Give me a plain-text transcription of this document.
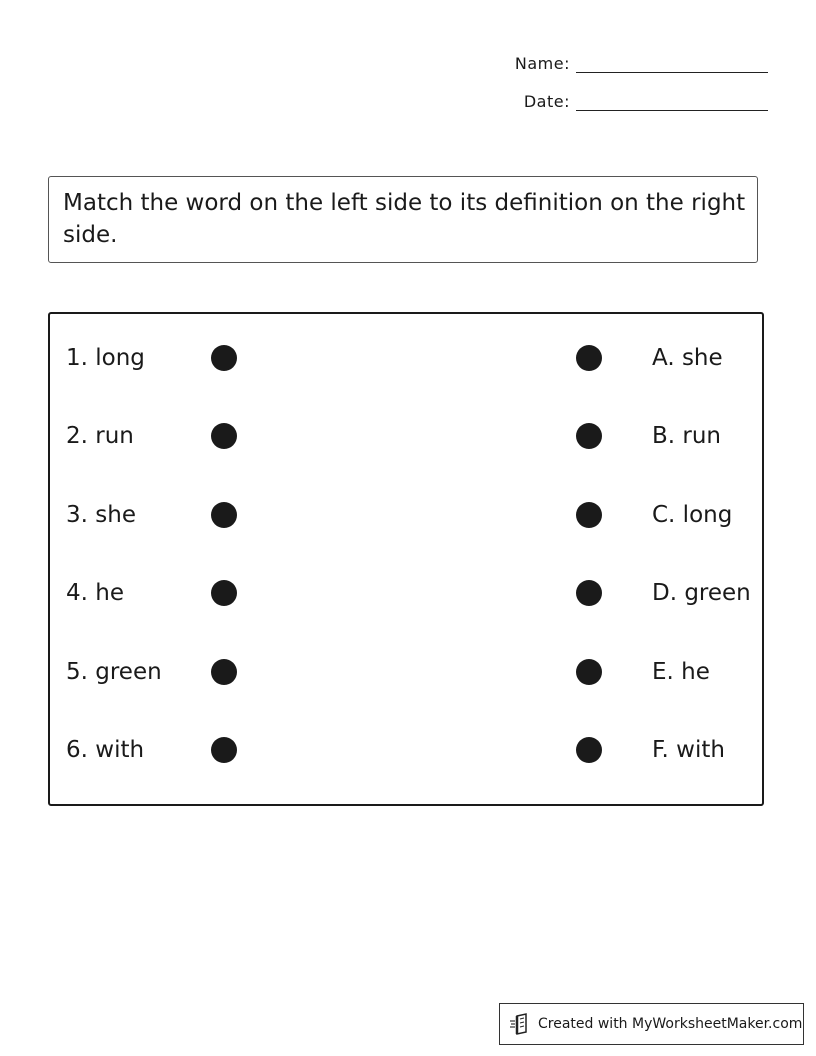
Name:
Date:
Match the word on the left side to its definition on the right side.
1. long	A. she
2. run	B. run
3. she	C. long
4. he	D. green
5. green	E. he
6. with	F. with
Created with MyWorksheetMaker.com
